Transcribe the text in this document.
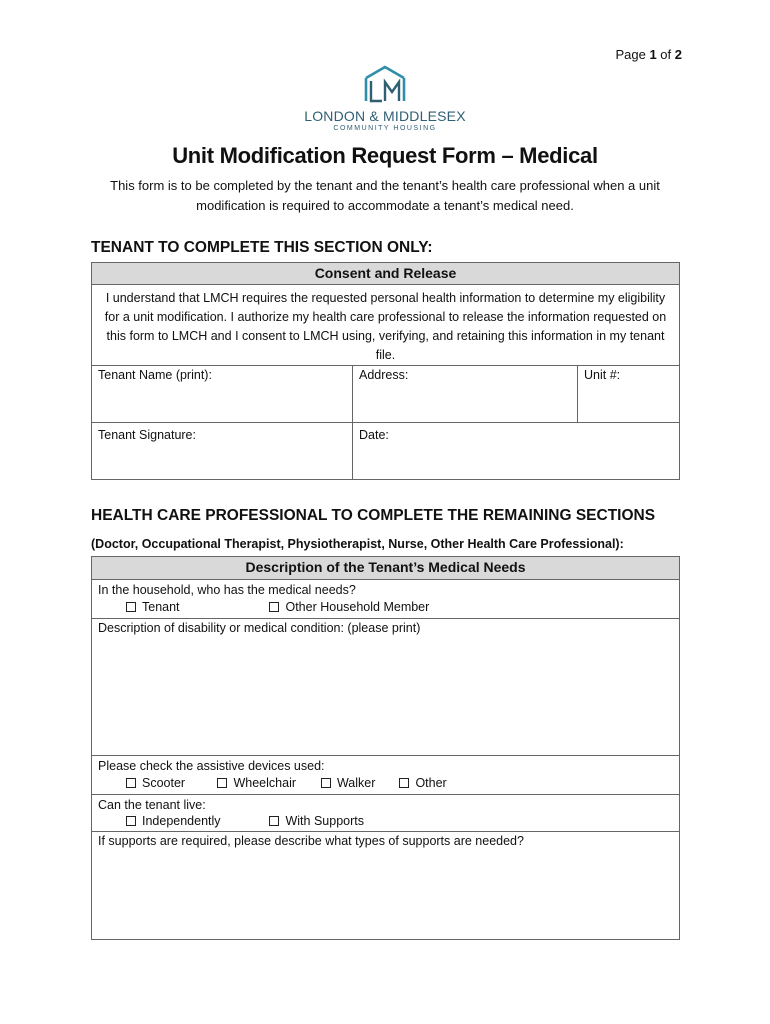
Page 1 of 2
LONDON & MIDDLESEX
COMMUNITY HOUSING
Unit Modification Request Form – Medical
This form is to be completed by the tenant and the tenant’s health care professional when a unit modification is required to accommodate a tenant’s medical need.
TENANT TO COMPLETE THIS SECTION ONLY:
Consent and Release		
I understand that LMCH requires the requested personal health information to determine my eligibility for a unit modification. I authorize my health care professional to release the information requested on this form to LMCH and I consent to LMCH using, verifying, and retaining this information in my tenant file.		
Tenant Name (print):	Address:	Unit #:
Tenant Signature:	Date:	
HEALTH CARE PROFESSIONAL TO COMPLETE THE REMAINING SECTIONS
(Doctor, Occupational Therapist, Physiotherapist, Nurse, Other Health Care Professional):
Description of the Tenant’s Medical Needs

In the household, who has the medical needs?
Tenant	Other Household Member

Description of disability or medical condition: (please print)

Please check the assistive devices used:
Scooter	Wheelchair	Walker	Other

Can the tenant live:
Independently	With Supports

If supports are required, please describe what types of supports are needed?
